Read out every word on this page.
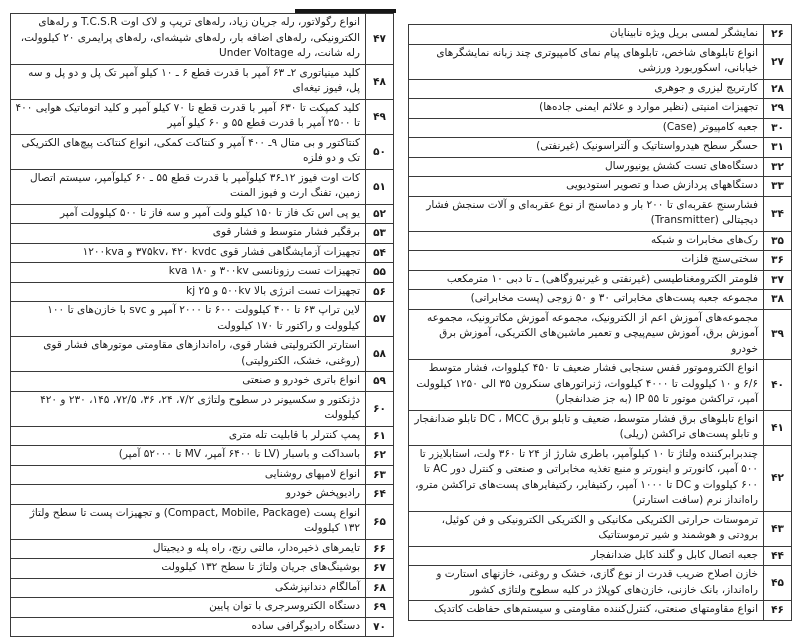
۲۶
نمایشگر لمسی بریل ویژه نابینایان
۲۷
انواع تابلوهای شاخص، تابلوهای پیام نمای کامپیوتری چند زبانه نمایشگرهای خیابانی، اسکوربورد ورزشی
۲۸
کارتریج لیزری و جوهری
۲۹
تجهیزات امنیتی (نظیر موارد و علائم ایمنی جاده‌ها)
۳۰
جعبه کامپیوتر (Case)
۳۱
حسگر سطح هیدرواستاتیک و آلتراسونیک (غیرنفتی)
۳۲
دستگاه‌های تست کشش یونیورسال
۳۳
دستگاههای پردازش صدا و تصویر استودیویی
۳۴
فشارسنج عقربه‌ای تا ۲۰۰ بار و دماسنج از نوع عقربه‌ای و آلات سنجش فشار دیجیتالی (Transmitter)
۳۵
رک‌های مخابرات و شبکه
۳۶
سختی‌سنج فلزات
۳۷
فلومتر الکترومغناطیسی (غیرنفتی و غیرنیروگاهی) ـ تا دبی ۱۰ مترمکعب
۳۸
مجموعه جعبه پست‌های مخابراتی ۳۰ و ۵۰ زوجی (پست مخابراتی)
۳۹
مجموعه‌های آموزش اعم از الکترونیک، مجموعه آموزش مکاترونیک، مجموعه آموزش برق، آموزش سیم‌پیچی و تعمیر ماشین‌های الکتریکی، آموزش برق خودرو
۴۰
انواع الکتروموتور قفس سنجابی فشار ضعیف تا ۴۵۰ کیلووات، فشار متوسط ۶/۶ و ۱۰ کیلوولت تا ۴۰۰۰ کیلووات، ژنراتورهای سنکرون ۳۵ الی ۱۲۵۰ کیلوولت آمپر، تراکشن موتور تا ۵۵ IP (به جز ضدانفجار)
۴۱
انواع تابلوهای برق فشار متوسط، ضعیف و تابلو برق DC ، MCC تابلو ضدانفجار و تابلو پست‌های تراکشن (ریلی)
۴۲
چندبرابرکننده ولتاژ تا ۱۰ کیلوآمپر، باطری شارژ از ۲۴ تا ۳۶۰ ولت، استابلایزر تا ۵۰۰ آمپر، کانورتر و اینورتر و منبع تغذیه مخابراتی و صنعتی و کنترل دور AC تا ۶۰۰ کیلووات و DC تا ۱۰۰۰ آمپر، رکتیفایر، رکتیفایرهای پست‌های تراکشن مترو، راه‌انداز نرم (سافت استارتر)
۴۳
ترموستات حرارتی الکتریکی مکانیکی و الکتریکی الکترونیکی و فن کوئیل، برودتی و هوشمند و شیر ترموستاتیک
۴۴
جعبه اتصال کابل و گلند کابل ضدانفجار
۴۵
خازن اصلاح ضریب قدرت از نوع گازی، خشک و روغنی، خازنهای استارت و راه‌انداز، بانک خازنی، خازن‌های کوپلاژ در کلیه سطوح ولتاژی کشور
۴۶
انواع مقاومتهای صنعتی، کنترل‌کننده مقاومتی و سیستم‌های حفاظت کاتدیک
۴۷
انواع رگولاتور، رله جریان زیاد، رله‌های تریپ و لاک اوت T.C.S.R و رله‌های الکترونیکی، رله‌های اضافه بار، رله‌های شیشه‌ای، رله‌های پرایمری ۲۰ کیلوولت، رله شانت، رله Under Voltage
۴۸
کلید مینیاتوری ۲ـ ۶۳ آمپر با قدرت قطع ۶ ـ ۱۰ کیلو آمپر تک پل و دو پل و سه پل، فیوز تیغه‌ای
۴۹
کلید کمپکت تا ۶۳۰ آمپر با قدرت قطع تا ۷۰ کیلو آمپر و کلید اتوماتیک هوایی ۴۰۰ تا ۲۵۰۰ آمپر با قدرت قطع ۵۵ و ۶۰ کیلو آمپر
۵۰
کنتاکتور و بی متال ۹ـ ۴۰۰ آمپر و کنتاکت کمکی، انواع کنتاکت پیچ‌های الکتریکی تک و دو فلزه
۵۱
کات اوت فیوز ۱۲ـ۳۶ کیلوآمپر با قدرت قطع ۵۵ ـ ۶۰ کیلوآمپر، سیستم اتصال زمین، تفنگ ارت و فیوز المنت
۵۲
یو پی اس تک فاز تا ۱۵۰ کیلو ولت آمپر و سه فاز تا ۵۰۰ کیلوولت آمپر
۵۳
برقگیر فشار متوسط و فشار قوی
۵۴
تجهیزات آزمایشگاهی فشار قوی ۳۷۵kv، ۴۲۰ kvdc و ۱۲۰۰kva
۵۵
تجهیزات تست رزونانسی ۳۰۰kv و ۱۸۰ kva
۵۶
تجهیزات تست انرژی بالا ۵۰۰kv و ۲۵ kj
۵۷
لاین تراپ ۶۳ تا ۴۰۰ کیلوولت ۶۰۰ تا ۲۰۰۰ آمپر و svc با خازن‌های تا ۱۰۰ کیلوولت و راکتور تا ۱۷۰ کیلوولت
۵۸
استارتر الکترولیتی فشار قوی، راه‌اندازهای مقاومتی موتورهای فشار قوی (روغنی، خشک، الکترولیتی)
۵۹
انواع باتری خودرو و صنعتی
۶۰
دژنکتور و سکسیونر در سطوح ولتاژی ۷/۲، ۲۴، ۳۶، ۷۲/۵، ۱۴۵، ۲۳۰ و ۴۲۰ کیلوولت
۶۱
پمپ کنترلر با قابلیت تله متری
۶۲
باسداکت و باسبار (LV تا ۶۴۰۰ آمپر، MV تا ۵۲۰۰۰ آمپر)
۶۳
انواع لامپهای روشنایی
۶۴
رادیوپخش خودرو
۶۵
انواع پست (Compact, Mobile, Package) و تجهیزات پست تا سطح ولتاژ ۱۳۲ کیلوولت
۶۶
تایمرهای ذخیره‌دار، مالتی رنج، راه پله و دیجیتال
۶۷
بوشینگ‌های جریان ولتاژ تا سطح ۱۳۲ کیلوولت
۶۸
آمالگام دندانپزشکی
۶۹
دستگاه الکتروسرجری با توان پایین
۷۰
دستگاه رادیوگرافی ساده
